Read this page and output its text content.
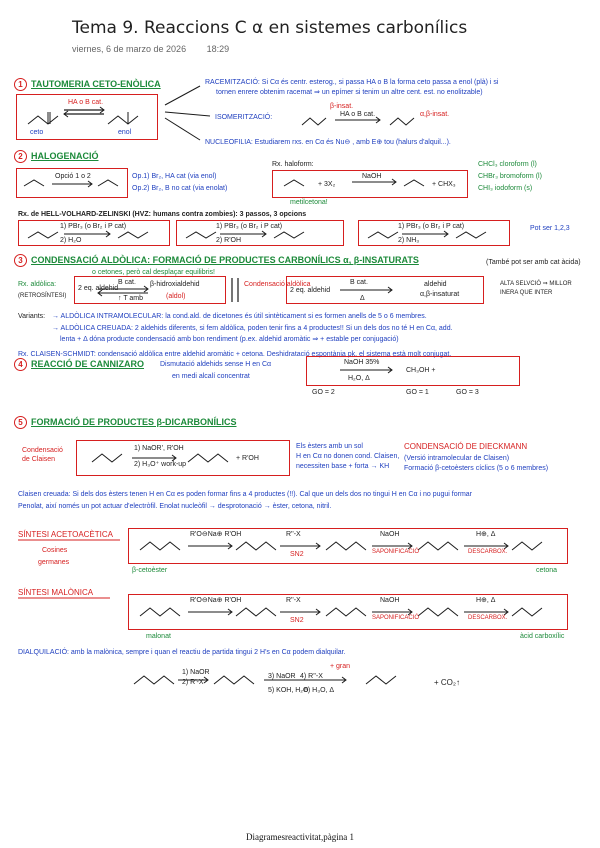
Tema 9. Reaccions C α en sistemes carbonílics
viernes, 6 de marzo de 2026 18:29
1 TAUTOMERIA CETO-ENÒLICA
HA o B cat.
ceto	enol
RACEMITZACIÓ: Si Cα és centr. esterog., si passa HA o B la forma ceto passa a enol (plà) i si
tornen enrere obtenim racemat ⇒ un epímer si tenim un altre cent. est. no enolitzable)
ISOMERITZACIÓ:	HA o B cat.
β-insat.
α,β-insat.
NUCLEOFILIA: Estudiarem rxs. en Cα és Nu⊖ , amb E⊕ tou (halurs d'alquil...).
2 HALOGENACIÓ
Opció 1 o 2	Op.1) Br₂, HA cat (via enol)
Op.2) Br₂, B no cat (via enolat)
Rx. haloform:
+ 3X₂
NaOH
+ CHX₃
metilcetona!
CHCl₃ cloroform (l)
CHBr₃ bromoform (l)
CHI₃ iodoform (s)
Rx. de HELL-VOLHARD-ZELINSKI (HVZ: humans contra zombies): 3 passos, 3 opcions
1) PBr₃ (o Br₂ i P cat)
2) H₂O
1) PBr₃ (o Br₂ i P cat)
2) R'OH
1) PBr₃ (o Br₂ i P cat)
2) NH₃
Pot ser 1,2,3
3 CONDENSACIÓ ALDÒLICA: FORMACIÓ DE PRODUCTES CARBONÍLICS α, β-INSATURATS	(També pot ser amb cat àcida)
o cetones, però cal desplaçar equilibris!
Rx. aldòlica:
(RETROSÍNTESI)
2 eq. aldehid
B cat.
↑ T amb
β-hidroxialdehid
(aldol)
Condensació aldòlica
2 eq. aldehid
B cat.
Δ
aldehid
α,β-insaturat
ALTA SELVCIÓ ⇒ MILLOR INERA QUE INTER
Variants: → ALDÒLICA INTRAMOLECULAR: la cond.ald. de dicetones és útil sintèticament si es formen anells de 5 o 6 membres.
→ ALDÒLICA CREUADA: 2 aldehids diferents, si fem aldòlica, poden tenir fins a 4 productes!! Si un dels dos no té H en Cα, add.
lenta + Δ dóna producte condensació amb bon rendiment (p.ex. aldehid aromàtic ⇒ + estable per conjugació)
Rx. CLAISEN-SCHMIDT: condensació aldòlica entre aldehid aromàtic + cetona. Deshidratació espontània pk. el sistema està molt conjugat.
4 REACCIÓ DE CANNIZARO Dismutació aldehids sense H en Cα
en medi alcalí concentrat
NaOH 35%
H₂O, Δ
CH₃OH +
GO = 2	GO = 1	GO = 3
5 FORMACIÓ DE PRODUCTES β-DICARBONÍLICS
Condensació de Claisen
1) NaOR', R'OH
2) H₃O⁺ work-up
+ R'OH
Els èsters amb un sol
H en Cα no donen cond. Claisen,
necessiten base + forta → KH
CONDENSACIÓ DE DIECKMANN
(Versió intramolecular de Claisen)
Formació β-cetoèsters cíclics (5 o 6 membres)
Claisen creuada: Si dels dos èsters tenen H en Cα es poden formar fins a 4 productes (!!). Cal que un dels dos no tingui H en Cα i no pugui formar
Penolat, així només un pot actuar d'electròfil. Enolat nucleòfil → desprotonació → èster, cetona, nitril.
SÍNTESI ACETOACÈTICA
Cosines
germanes
R'O⊖Na⊕ R'OH	R''-X
SN2
NaOH
SAPONIFICACIÓ
H⊕, Δ
DESCARBOX.
β-cetoèster	cetona
SÍNTESI MALÒNICA
R'O⊖Na⊕ R'OH	R''-X
SN2
NaOH
SAPONIFICACIÓ
H⊕, Δ
DESCARBOX.
malonat	àcid carboxílic
DIALQUILACIÓ: amb la malònica, sempre i quan el reactiu de partida tingui 2 H's en Cα podem dialquilar.
1) NaOR
2) R'-X
3) NaOR 4) R''-X
+ gran
5) KOH, H₂O
6) H₃O, Δ
+ CO₂↑
Diagramesreactivitat,pàgina 1
